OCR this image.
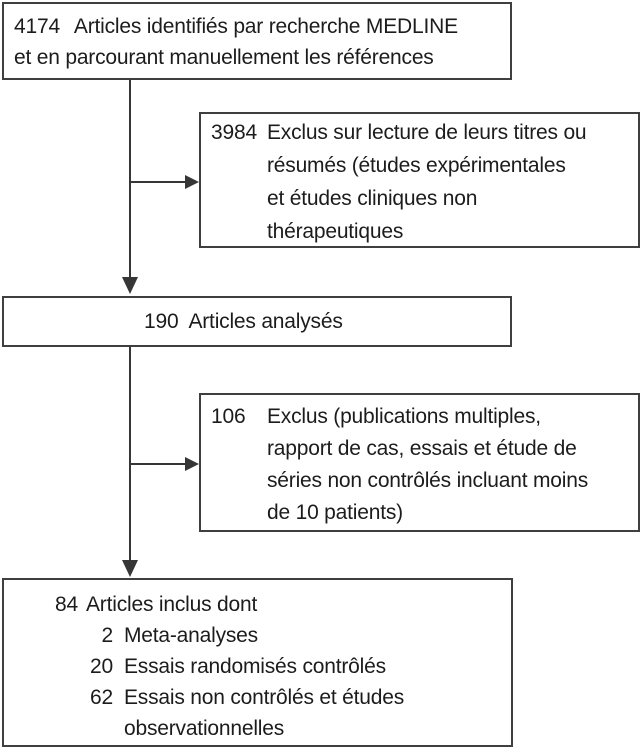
4174 Articles identifiés par recherche MEDLINE
et en parcourant manuellement les références
3984 Exclus sur lecture de leurs titres ou
résumés (études expérimentales
et études cliniques non
thérapeutiques
190 Articles analysés
106	Exclus (publications multiples,
rapport de cas, essais et étude de
séries non contrôlés incluant moins
de 10 patients)
84 Articles inclus dont
2 Meta-analyses
20 Essais randomisés contrôlés
62 Essais non contrôlés et études
observationnelles
